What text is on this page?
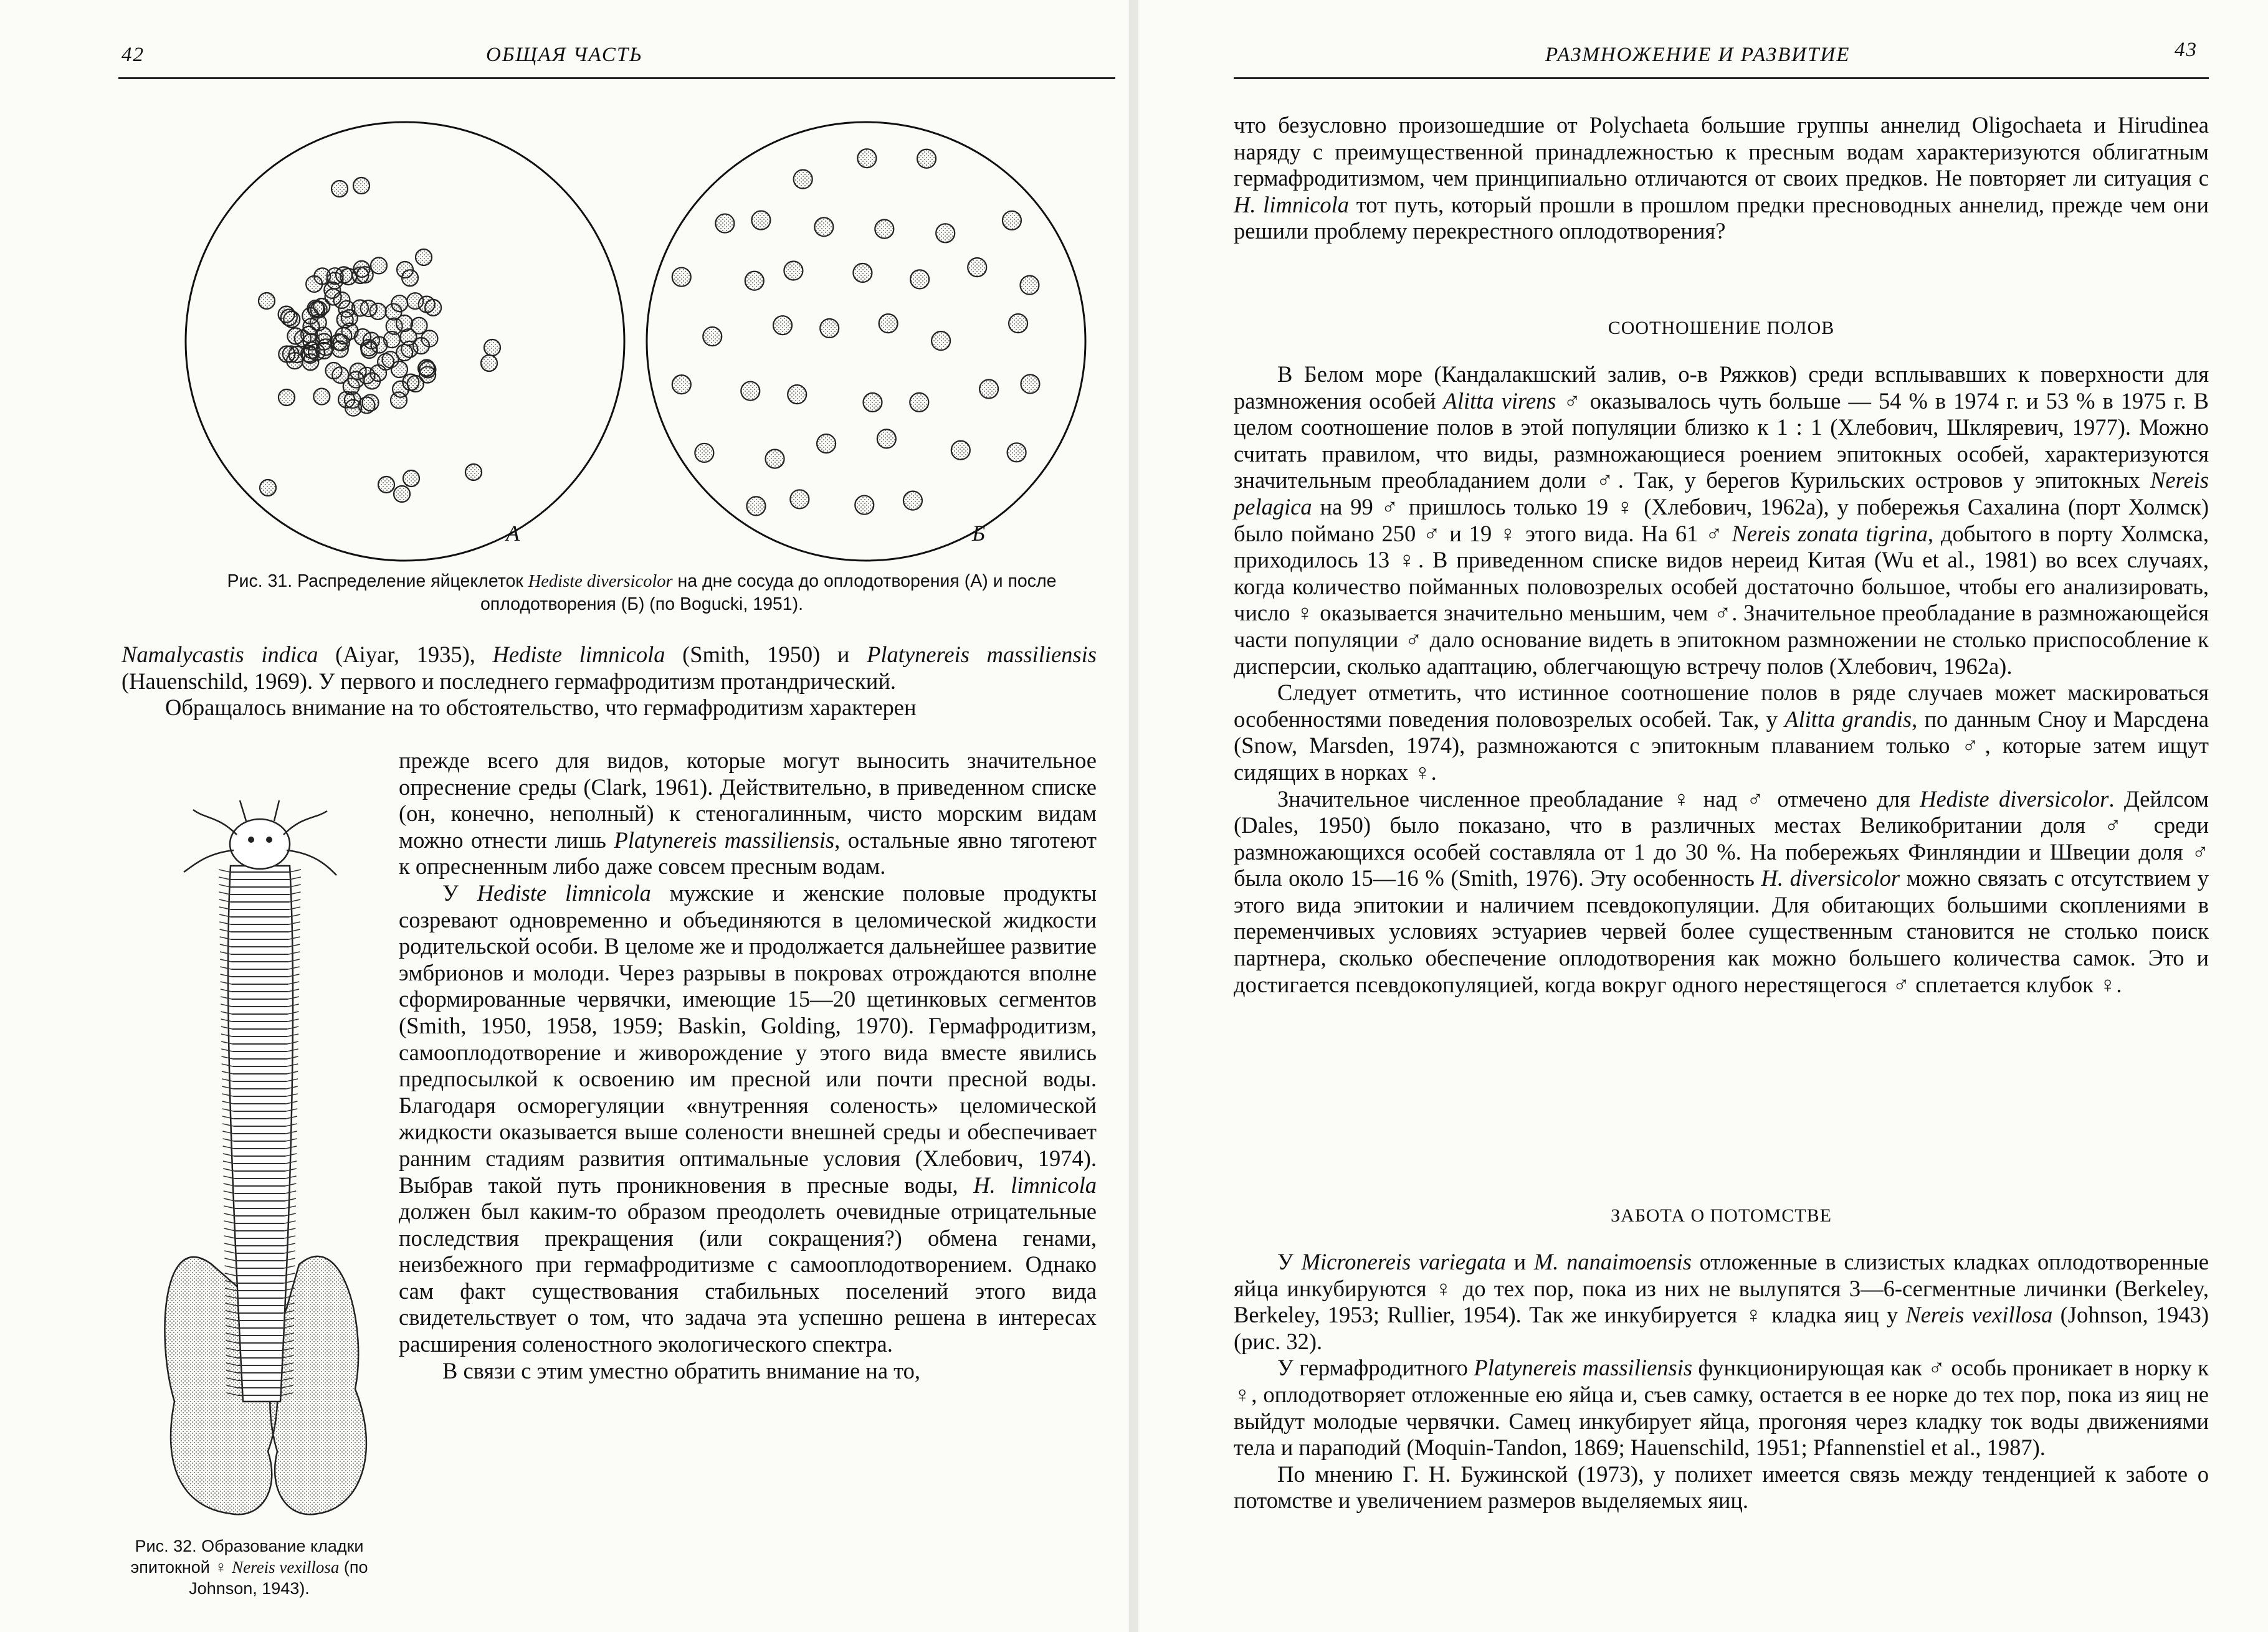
42	ОБЩАЯ ЧАСТЬ
А	Б
Рис. 31. Распределение яйцеклеток Hediste diversicolor на дне сосуда до оплодотворения (А) и после оплодотворения (Б) (по Bogucki, 1951).

Namalycastis indica (Aiyar, 1935), Hediste limnicola (Smith, 1950) и Platynereis massiliensis (Hauenschild, 1969). У первого и последнего гермафродитизм протандрический.

Обращалось внимание на то обстоятельство, что гермафродитизм характерен

Рис. 32. Образование кладки эпитокной ♀ Nereis vexillosa (по Johnson, 1943).

прежде всего для видов, которые могут выносить значительное опреснение среды (Clark, 1961). Действительно, в приведенном списке (он, конечно, неполный) к стеногалинным, чисто морским видам можно отнести лишь Platynereis massiliensis, остальные явно тяготеют к опресненным либо даже совсем пресным водам.

У Hediste limnicola мужские и женские половые продукты созревают одновременно и объединяются в целомической жидкости родительской особи. В целоме же и продолжается дальнейшее развитие эмбрионов и молоди. Через разрывы в покровах отрождаются вполне сформированные червячки, имеющие 15—20 щетинковых сегментов (Smith, 1950, 1958, 1959; Baskin, Golding, 1970). Гермафродитизм, самооплодотворение и живорождение у этого вида вместе явились предпосылкой к освоению им пресной или почти пресной воды. Благодаря осморегуляции «внутренняя соленость» целомической жидкости оказывается выше солености внешней среды и обеспечивает ранним стадиям развития оптимальные условия (Хлебович, 1974). Выбрав такой путь проникновения в пресные воды, H. limnicola должен был каким-то образом преодолеть очевидные отрицательные последствия прекращения (или сокращения?) обмена генами, неизбежного при гермафродитизме с самооплодотворением. Однако сам факт существования стабильных поселений этого вида свидетельствует о том, что задача эта успешно решена в интересах расширения соленостного экологического спектра.

В связи с этим уместно обратить внимание на то,

РАЗМНОЖЕНИЕ И РАЗВИТИЕ	43

что безусловно произошедшие от Polychaeta большие группы аннелид Oligochaeta и Hirudinea наряду с преимущественной принадлежностью к пресным водам характеризуются облигатным гермафродитизмом, чем принципиально отличаются от своих предков. Не повторяет ли ситуация с H. limnicola тот путь, который прошли в прошлом предки пресноводных аннелид, прежде чем они решили проблему перекрестного оплодотворения?

СООТНОШЕНИЕ ПОЛОВ

В Белом море (Кандалакшский залив, о-в Ряжков) среди всплывавших к поверхности для размножения особей Alitta virens ♂ оказывалось чуть больше — 54 % в 1974 г. и 53 % в 1975 г. В целом соотношение полов в этой популяции близко к 1 : 1 (Хлебович, Шкляревич, 1977). Можно считать правилом, что виды, размножающиеся роением эпитокных особей, характеризуются значительным преобладанием доли ♂. Так, у берегов Курильских островов у эпитокных Nereis pelagica на 99 ♂ пришлось только 19 ♀ (Хлебович, 1962а), у побережья Сахалина (порт Холмск) было поймано 250 ♂ и 19 ♀ этого вида. На 61 ♂ Nereis zonata tigrina, добытого в порту Холмска, приходилось 13 ♀. В приведенном списке видов нереид Китая (Wu et al., 1981) во всех случаях, когда количество пойманных половозрелых особей достаточно большое, чтобы его анализировать, число ♀ оказывается значительно меньшим, чем ♂. Значительное преобладание в размножающейся части популяции ♂ дало основание видеть в эпитокном размножении не столько приспособление к дисперсии, сколько адаптацию, облегчающую встречу полов (Хлебович, 1962а).

Следует отметить, что истинное соотношение полов в ряде случаев может маскироваться особенностями поведения половозрелых особей. Так, у Alitta grandis, по данным Сноу и Марсдена (Snow, Marsden, 1974), размножаются с эпитокным плаванием только ♂, которые затем ищут сидящих в норках ♀.

Значительное численное преобладание ♀ над ♂ отмечено для Hediste diversicolor. Дейлсом (Dales, 1950) было показано, что в различных местах Великобритании доля ♂ среди размножающихся особей составляла от 1 до 30 %. На побережьях Финляндии и Швеции доля ♂ была около 15—16 % (Smith, 1976). Эту особенность H. diversicolor можно связать с отсутствием у этого вида эпитокии и наличием псевдокопуляции. Для обитающих большими скоплениями в переменчивых условиях эстуариев червей более существенным становится не столько поиск партнера, сколько обеспечение оплодотворения как можно большего количества самок. Это и достигается псевдокопуляцией, когда вокруг одного нерестящегося ♂ сплетается клубок ♀.

ЗАБОТА О ПОТОМСТВЕ

У Micronereis variegata и M. nanaimoensis отложенные в слизистых кладках оплодотворенные яйца инкубируются ♀ до тех пор, пока из них не вылупятся 3—6-сегментные личинки (Berkeley, Berkeley, 1953; Rullier, 1954). Так же инкубируется ♀ кладка яиц у Nereis vexillosa (Johnson, 1943) (рис. 32).

У гермафродитного Platynereis massiliensis функционирующая как ♂ особь проникает в норку к ♀, оплодотворяет отложенные ею яйца и, съев самку, остается в ее норке до тех пор, пока из яиц не выйдут молодые червячки. Самец инкубирует яйца, прогоняя через кладку ток воды движениями тела и параподий (Moquin-Tandon, 1869; Hauenschild, 1951; Pfannenstiel et al., 1987).

По мнению Г. Н. Бужинской (1973), у полихет имеется связь между тенденцией к заботе о потомстве и увеличением размеров выделяемых яиц.
